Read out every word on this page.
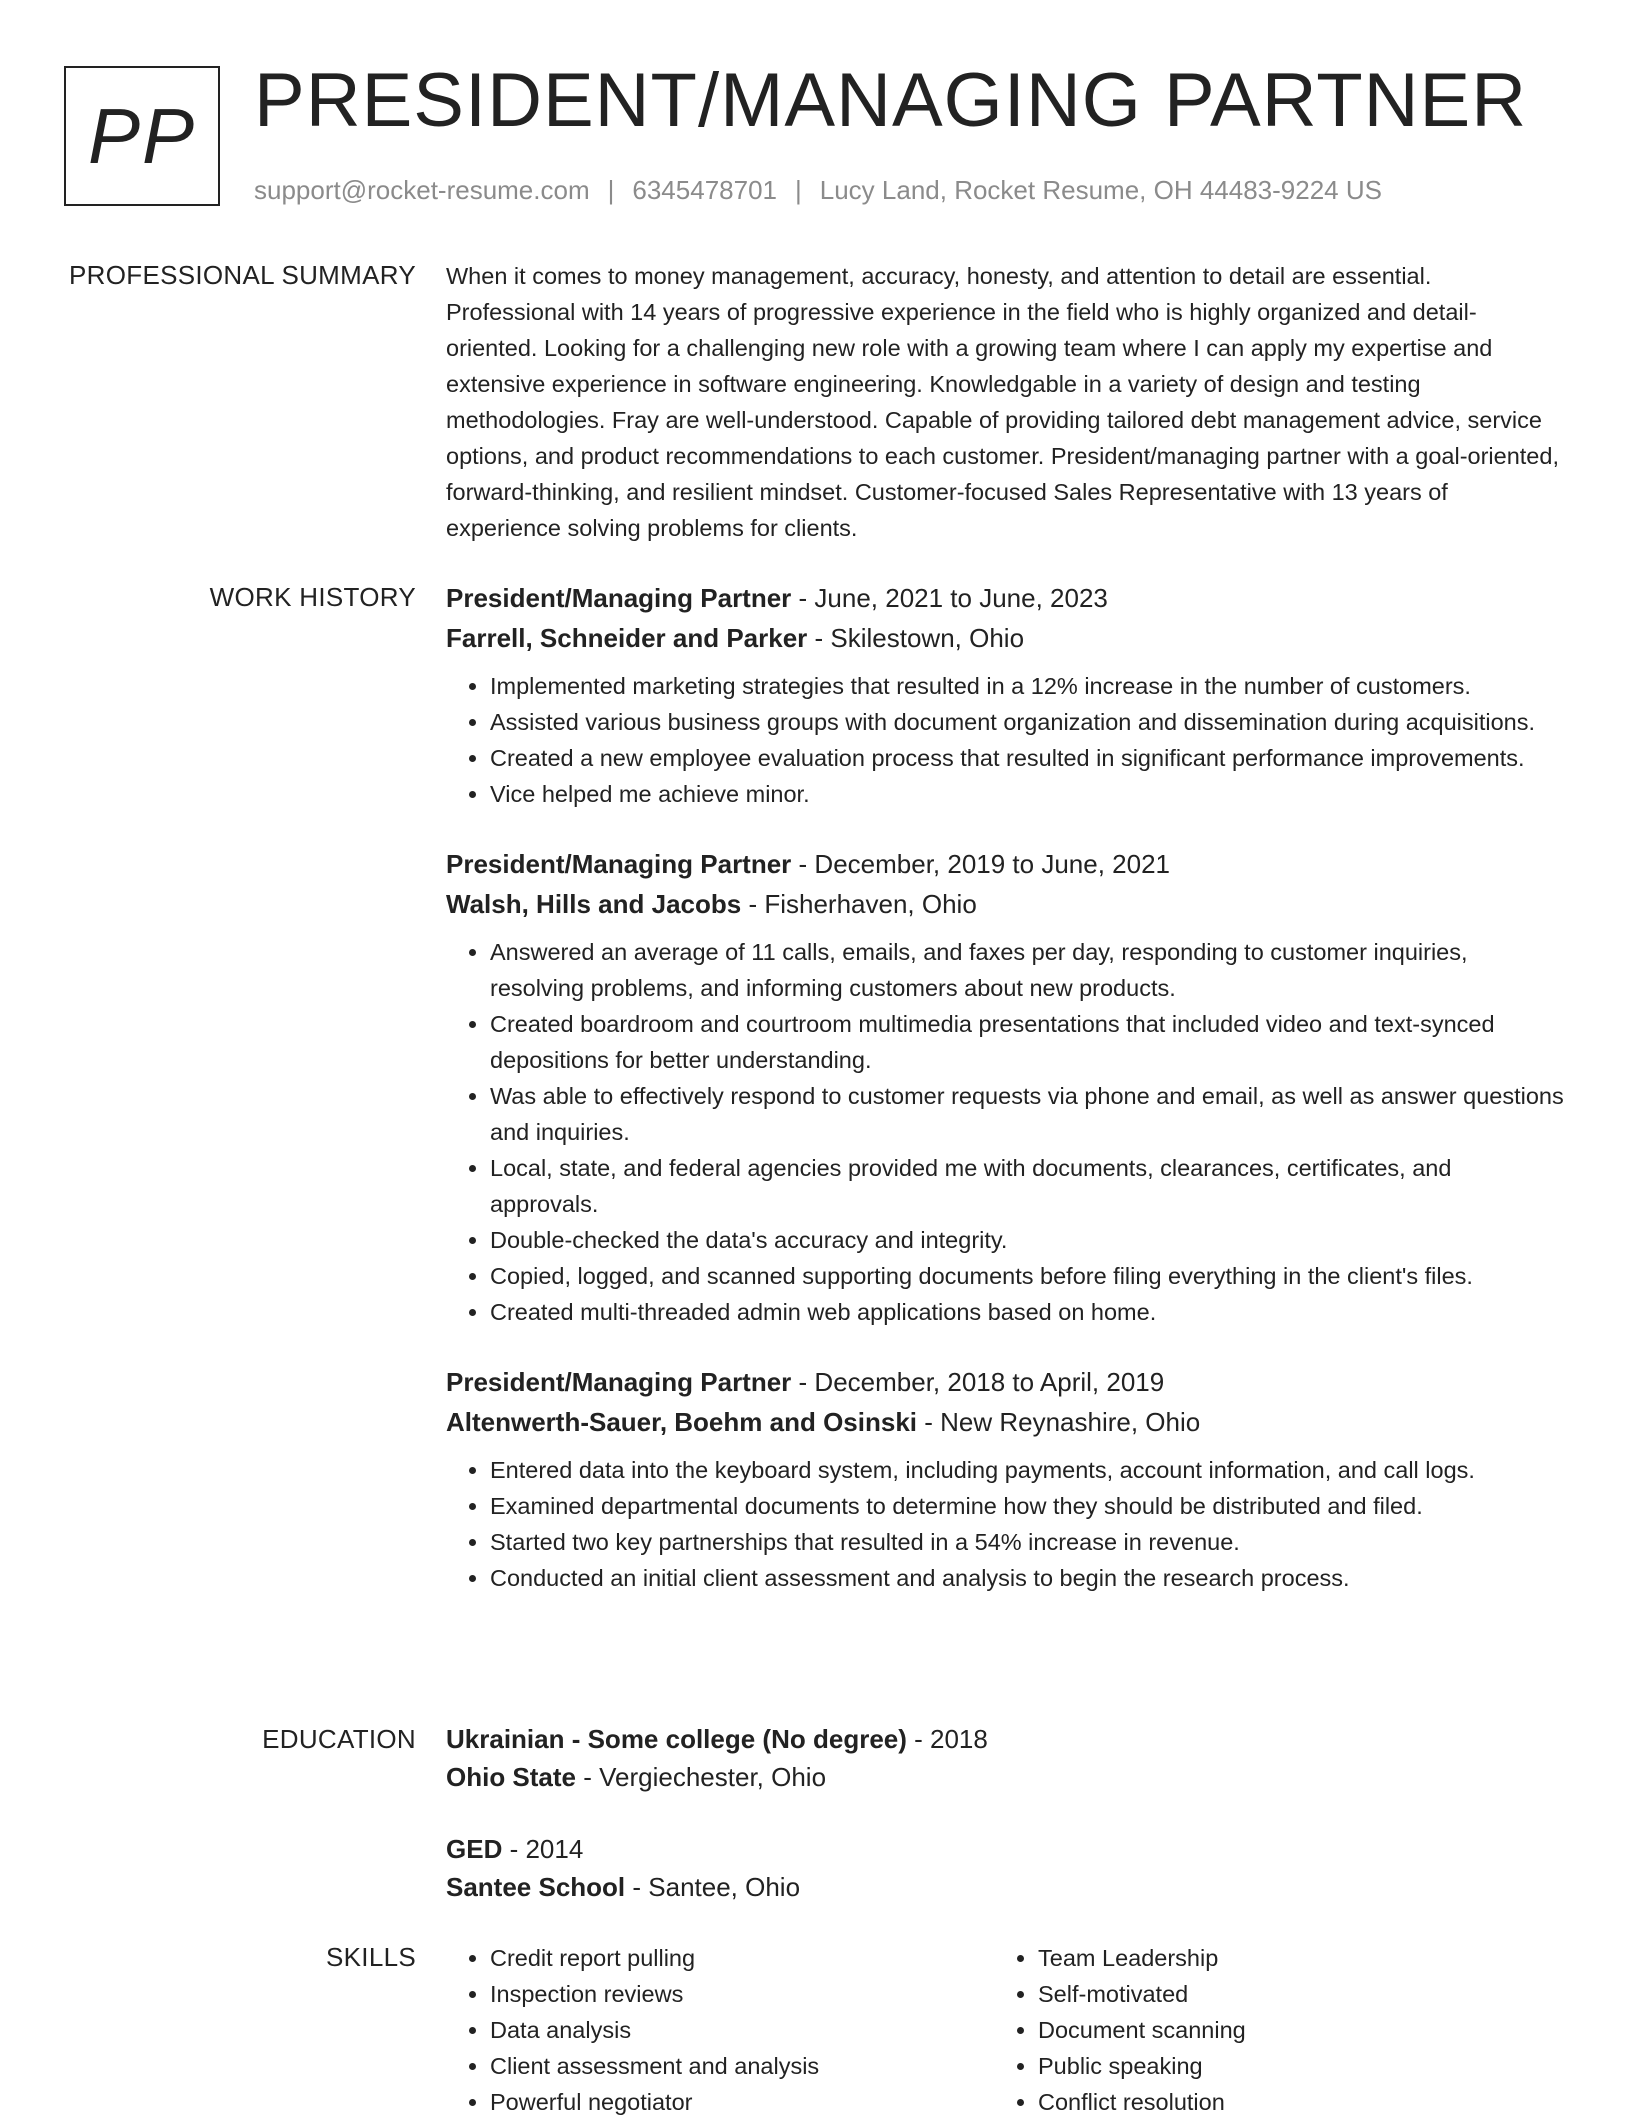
PP PRESIDENT/MANAGING PARTNER
support@rocket-resume.com | 6345478701 | Lucy Land, Rocket Resume, OH 44483-9224 US
PROFESSIONAL SUMMARY When it comes to money management, accuracy, honesty, and attention to detail are essential. Professional with 14 years of progressive experience in the field who is highly organized and detail-oriented. Looking for a challenging new role with a growing team where I can apply my expertise and extensive experience in software engineering. Knowledgable in a variety of design and testing methodologies. Fray are well-understood. Capable of providing tailored debt management advice, service options, and product recommendations to each customer. President/managing partner with a goal-oriented, forward-thinking, and resilient mindset. Customer-focused Sales Representative with 13 years of experience solving problems for clients.

WORK HISTORY President/Managing Partner - June, 2021 to June, 2023

Farrell, Schneider and Parker - Skilestown, Ohio

• Implemented marketing strategies that resulted in a 12% increase in the number of customers.
• Assisted various business groups with document organization and dissemination during acquisitions.
• Created a new employee evaluation process that resulted in significant performance improvements.
• Vice helped me achieve minor.

President/Managing Partner - December, 2019 to June, 2021

Walsh, Hills and Jacobs - Fisherhaven, Ohio

• Answered an average of 11 calls, emails, and faxes per day, responding to customer inquiries, resolving problems, and informing customers about new products.
• Created boardroom and courtroom multimedia presentations that included video and text-synced depositions for better understanding.
• Was able to effectively respond to customer requests via phone and email, as well as answer questions and inquiries.
• Local, state, and federal agencies provided me with documents, clearances, certificates, and approvals.
• Double-checked the data's accuracy and integrity.
• Copied, logged, and scanned supporting documents before filing everything in the client's files.
• Created multi-threaded admin web applications based on home.

President/Managing Partner - December, 2018 to April, 2019

Altenwerth-Sauer, Boehm and Osinski - New Reynashire, Ohio

• Entered data into the keyboard system, including payments, account information, and call logs.
• Examined departmental documents to determine how they should be distributed and filed.
• Started two key partnerships that resulted in a 54% increase in revenue.
• Conducted an initial client assessment and analysis to begin the research process.
EDUCATION Ukrainian - Some college (No degree) - 2018

Ohio State - Vergiechester, Ohio

GED - 2014

Santee School - Santee, Ohio

SKILLS
•	Credit report pulling
• Inspection reviews
• Data analysis
• Client assessment and analysis
• Powerful negotiator
• Team Leadership
• Self-motivated
• Document scanning
• Public speaking
• Conflict resolution
